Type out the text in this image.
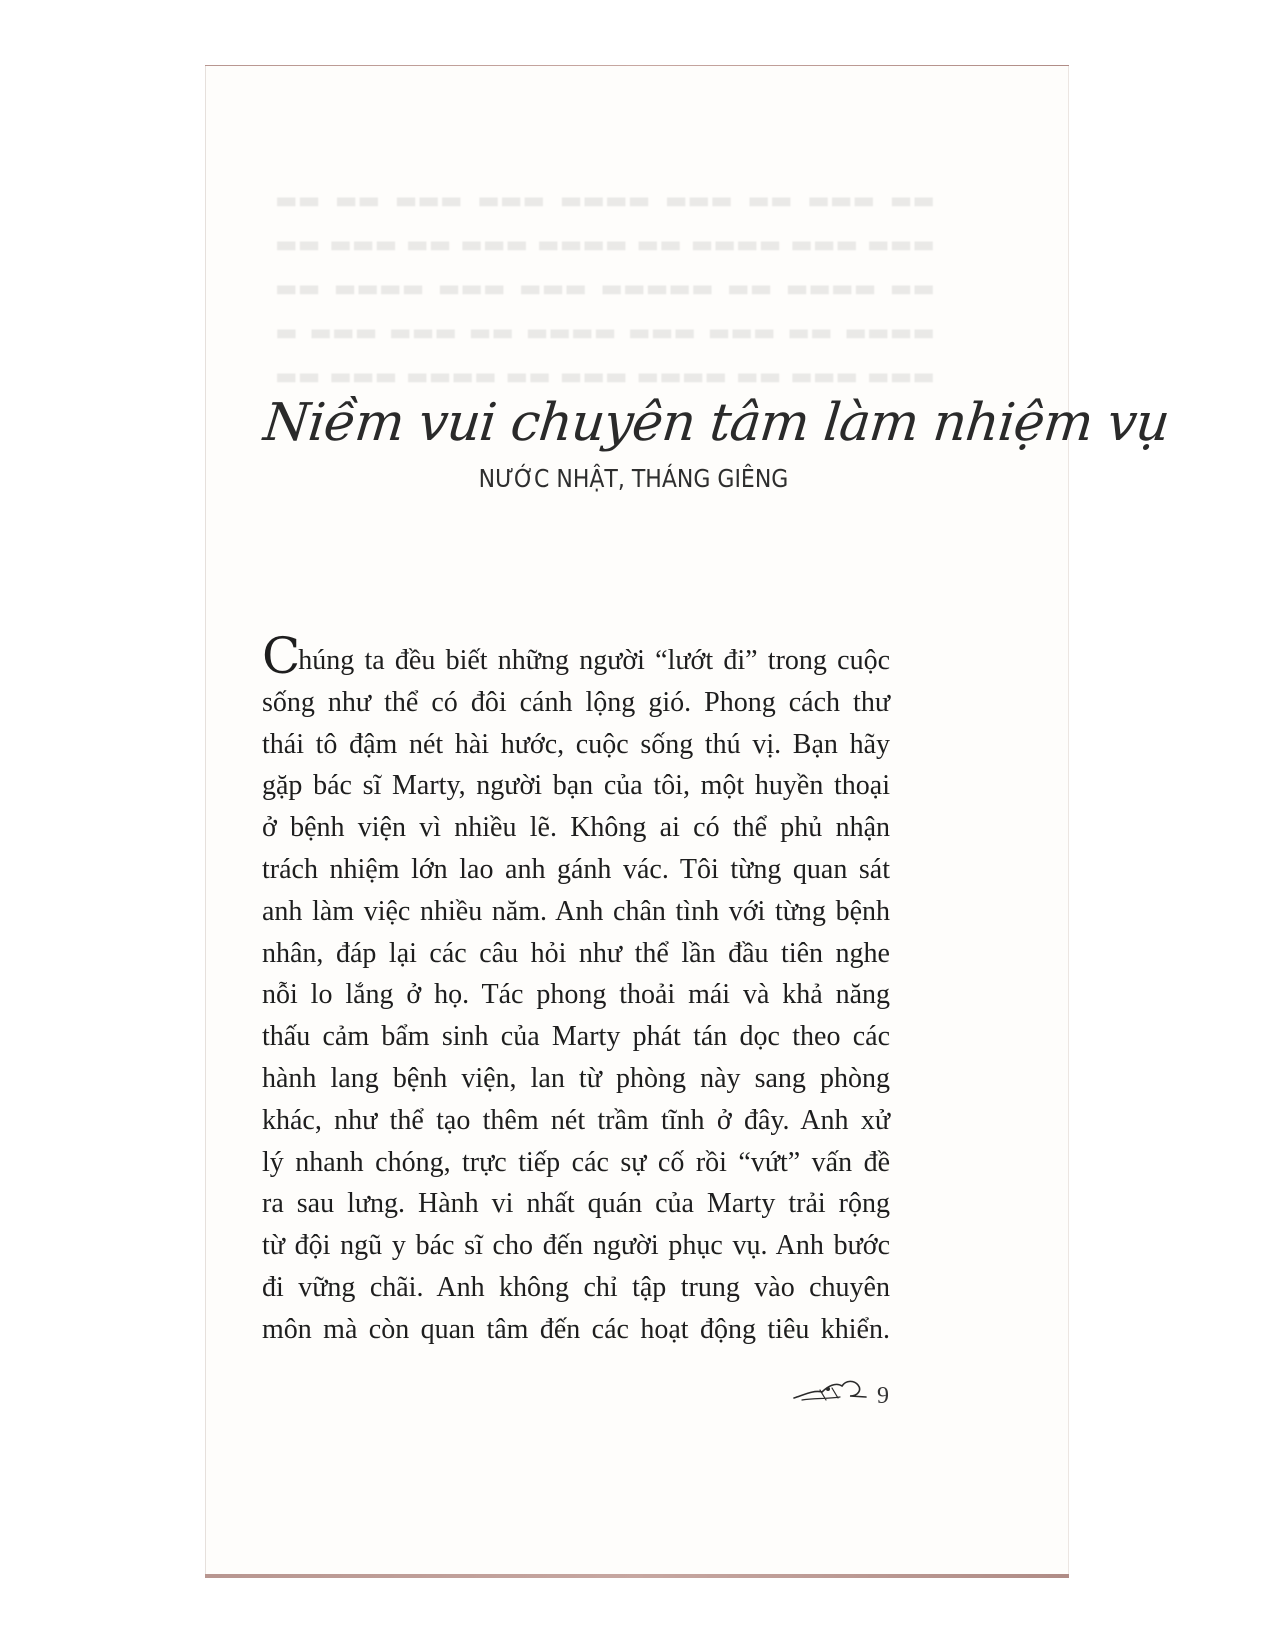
Niềm vui chuyên tâm làm nhiệm vụ
NƯỚC NHẬT, THÁNG GIÊNG
Chúng ta đều biết những người “lướt đi” trong cuộc
sống như thể có đôi cánh lộng gió. Phong cách thư
thái tô đậm nét hài hước, cuộc sống thú vị. Bạn hãy
gặp bác sĩ Marty, người bạn của tôi, một huyền thoại
ở bệnh viện vì nhiều lẽ. Không ai có thể phủ nhận
trách nhiệm lớn lao anh gánh vác. Tôi từng quan sát
anh làm việc nhiều năm. Anh chân tình với từng bệnh
nhân, đáp lại các câu hỏi như thể lần đầu tiên nghe
nỗi lo lắng ở họ. Tác phong thoải mái và khả năng
thấu cảm bẩm sinh của Marty phát tán dọc theo các
hành lang bệnh viện, lan từ phòng này sang phòng
khác, như thể tạo thêm nét trầm tĩnh ở đây. Anh xử
lý nhanh chóng, trực tiếp các sự cố rồi “vứt” vấn đề
ra sau lưng. Hành vi nhất quán của Marty trải rộng
từ đội ngũ y bác sĩ cho đến người phục vụ. Anh bước
đi vững chãi. Anh không chỉ tập trung vào chuyên
môn mà còn quan tâm đến các hoạt động tiêu khiển.
9
